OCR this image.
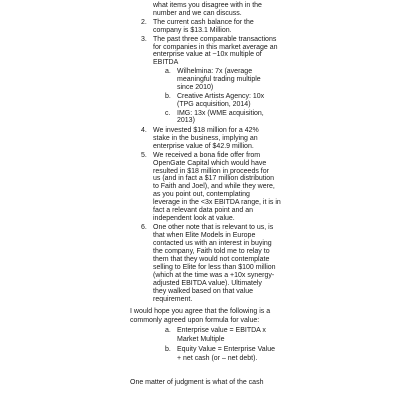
what items you disagree with in the
number and we can discuss.
2. The current cash balance for the
company is $13.1 Million.
3. The past three comparable transactions
for companies in this market average an
enterprise value at ~10x multiple of
EBITDA
a. Wilhelmina: 7x (average
meaningful trading multiple
since 2010)
b. Creative Artists Agency: 10x
(TPG acquisition, 2014)
c. IMG: 13x (WME acquisition,
2013)
4. We invested $18 million for a 42%
stake in the business, implying an
enterprise value of $42.9 million.
5. We received a bona fide offer from
OpenGate Capital which would have
resulted in $18 million in proceeds for
us (and in fact a $17 million distribution
to Faith and Joel), and while they were,
as you point out, contemplating
leverage in the <3x EBITDA range, it is in
fact a relevant data point and an
independent look at value.
6. One other note that is relevant to us, is
that when Elite Models in Europe
contacted us with an interest in buying
the company, Faith told me to relay to
them that they would not contemplate
selling to Elite for less than $100 million
(which at the time was a +10x synergy-
adjusted EBITDA value). Ultimately
they walked based on that value
requirement.
I would hope you agree that the following is a
commonly agreed upon formula for value:
a. Enterprise value = EBITDA x
Market Multiple
b. Equity Value = Enterprise Value
+ net cash (or – net debt).
One matter of judgment is what of the cash
